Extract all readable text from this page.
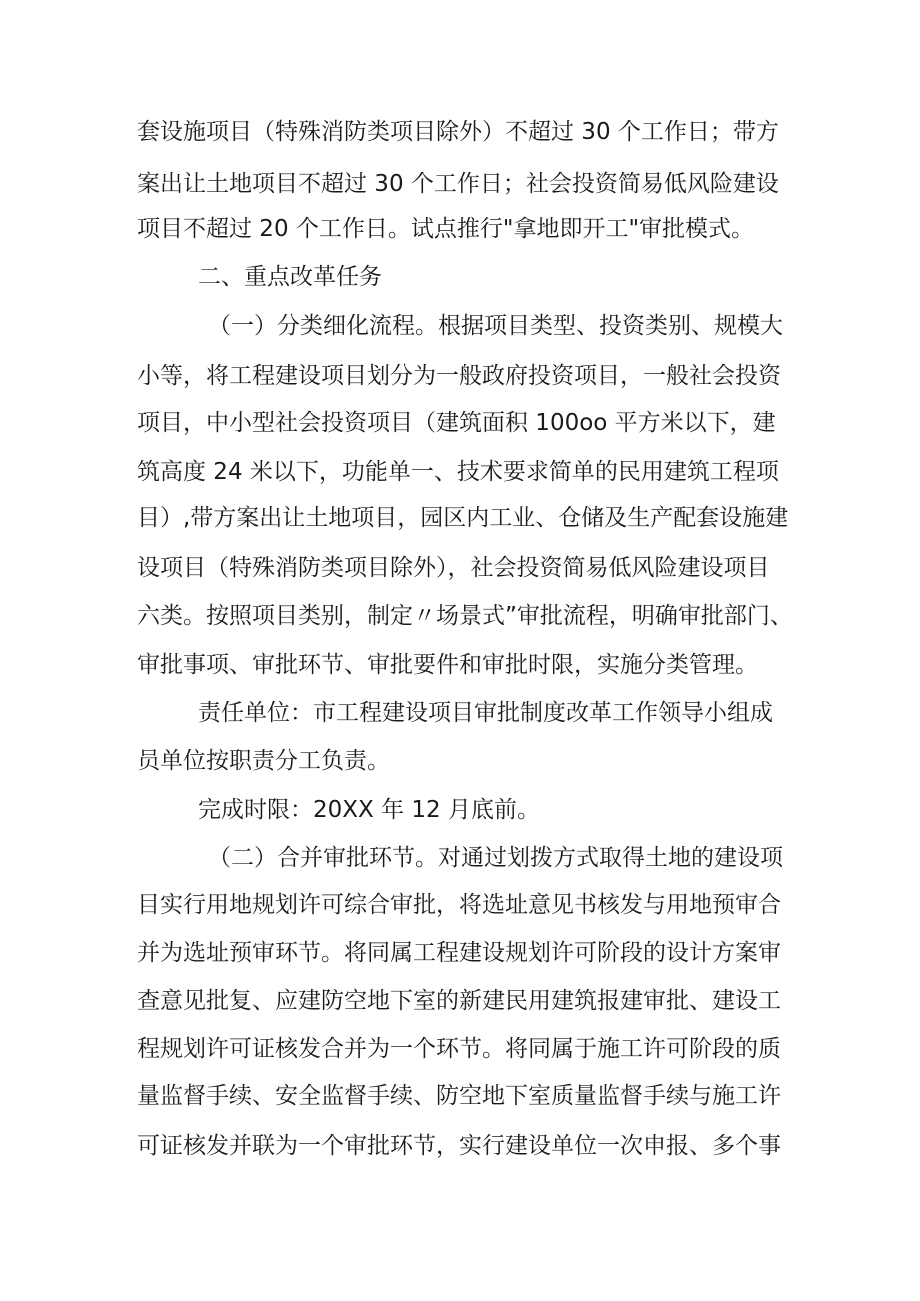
套设施项目（特殊消防类项目除外）不超过 30 个工作日；带方
案出让土地项目不超过 30 个工作日；社会投资简易低风险建设
项目不超过 20 个工作日。试点推行"拿地即开工"审批模式。
二、重点改革任务
（一）分类细化流程。根据项目类型、投资类别、规模大
小等，将工程建设项目划分为一般政府投资项目，一般社会投资
项目，中小型社会投资项目（建筑面积 100oo 平方米以下，建
筑高度 24 米以下，功能单一、技术要求简单的民用建筑工程项
目）,带方案出让土地项目，园区内工业、仓储及生产配套设施建
设项目（特殊消防类项目除外），社会投资简易低风险建设项目
六类。按照项目类别，制定〃场景式”审批流程，明确审批部门、
审批事项、审批环节、审批要件和审批时限，实施分类管理。
责任单位：市工程建设项目审批制度改革工作领导小组成
员单位按职责分工负责。
完成时限：20XX 年 12 月底前。
（二）合并审批环节。对通过划拨方式取得土地的建设项
目实行用地规划许可综合审批，将选址意见书核发与用地预审合
并为选址预审环节。将同属工程建设规划许可阶段的设计方案审
查意见批复、应建防空地下室的新建民用建筑报建审批、建设工
程规划许可证核发合并为一个环节。将同属于施工许可阶段的质
量监督手续、安全监督手续、防空地下室质量监督手续与施工许
可证核发并联为一个审批环节，实行建设单位一次申报、多个事
